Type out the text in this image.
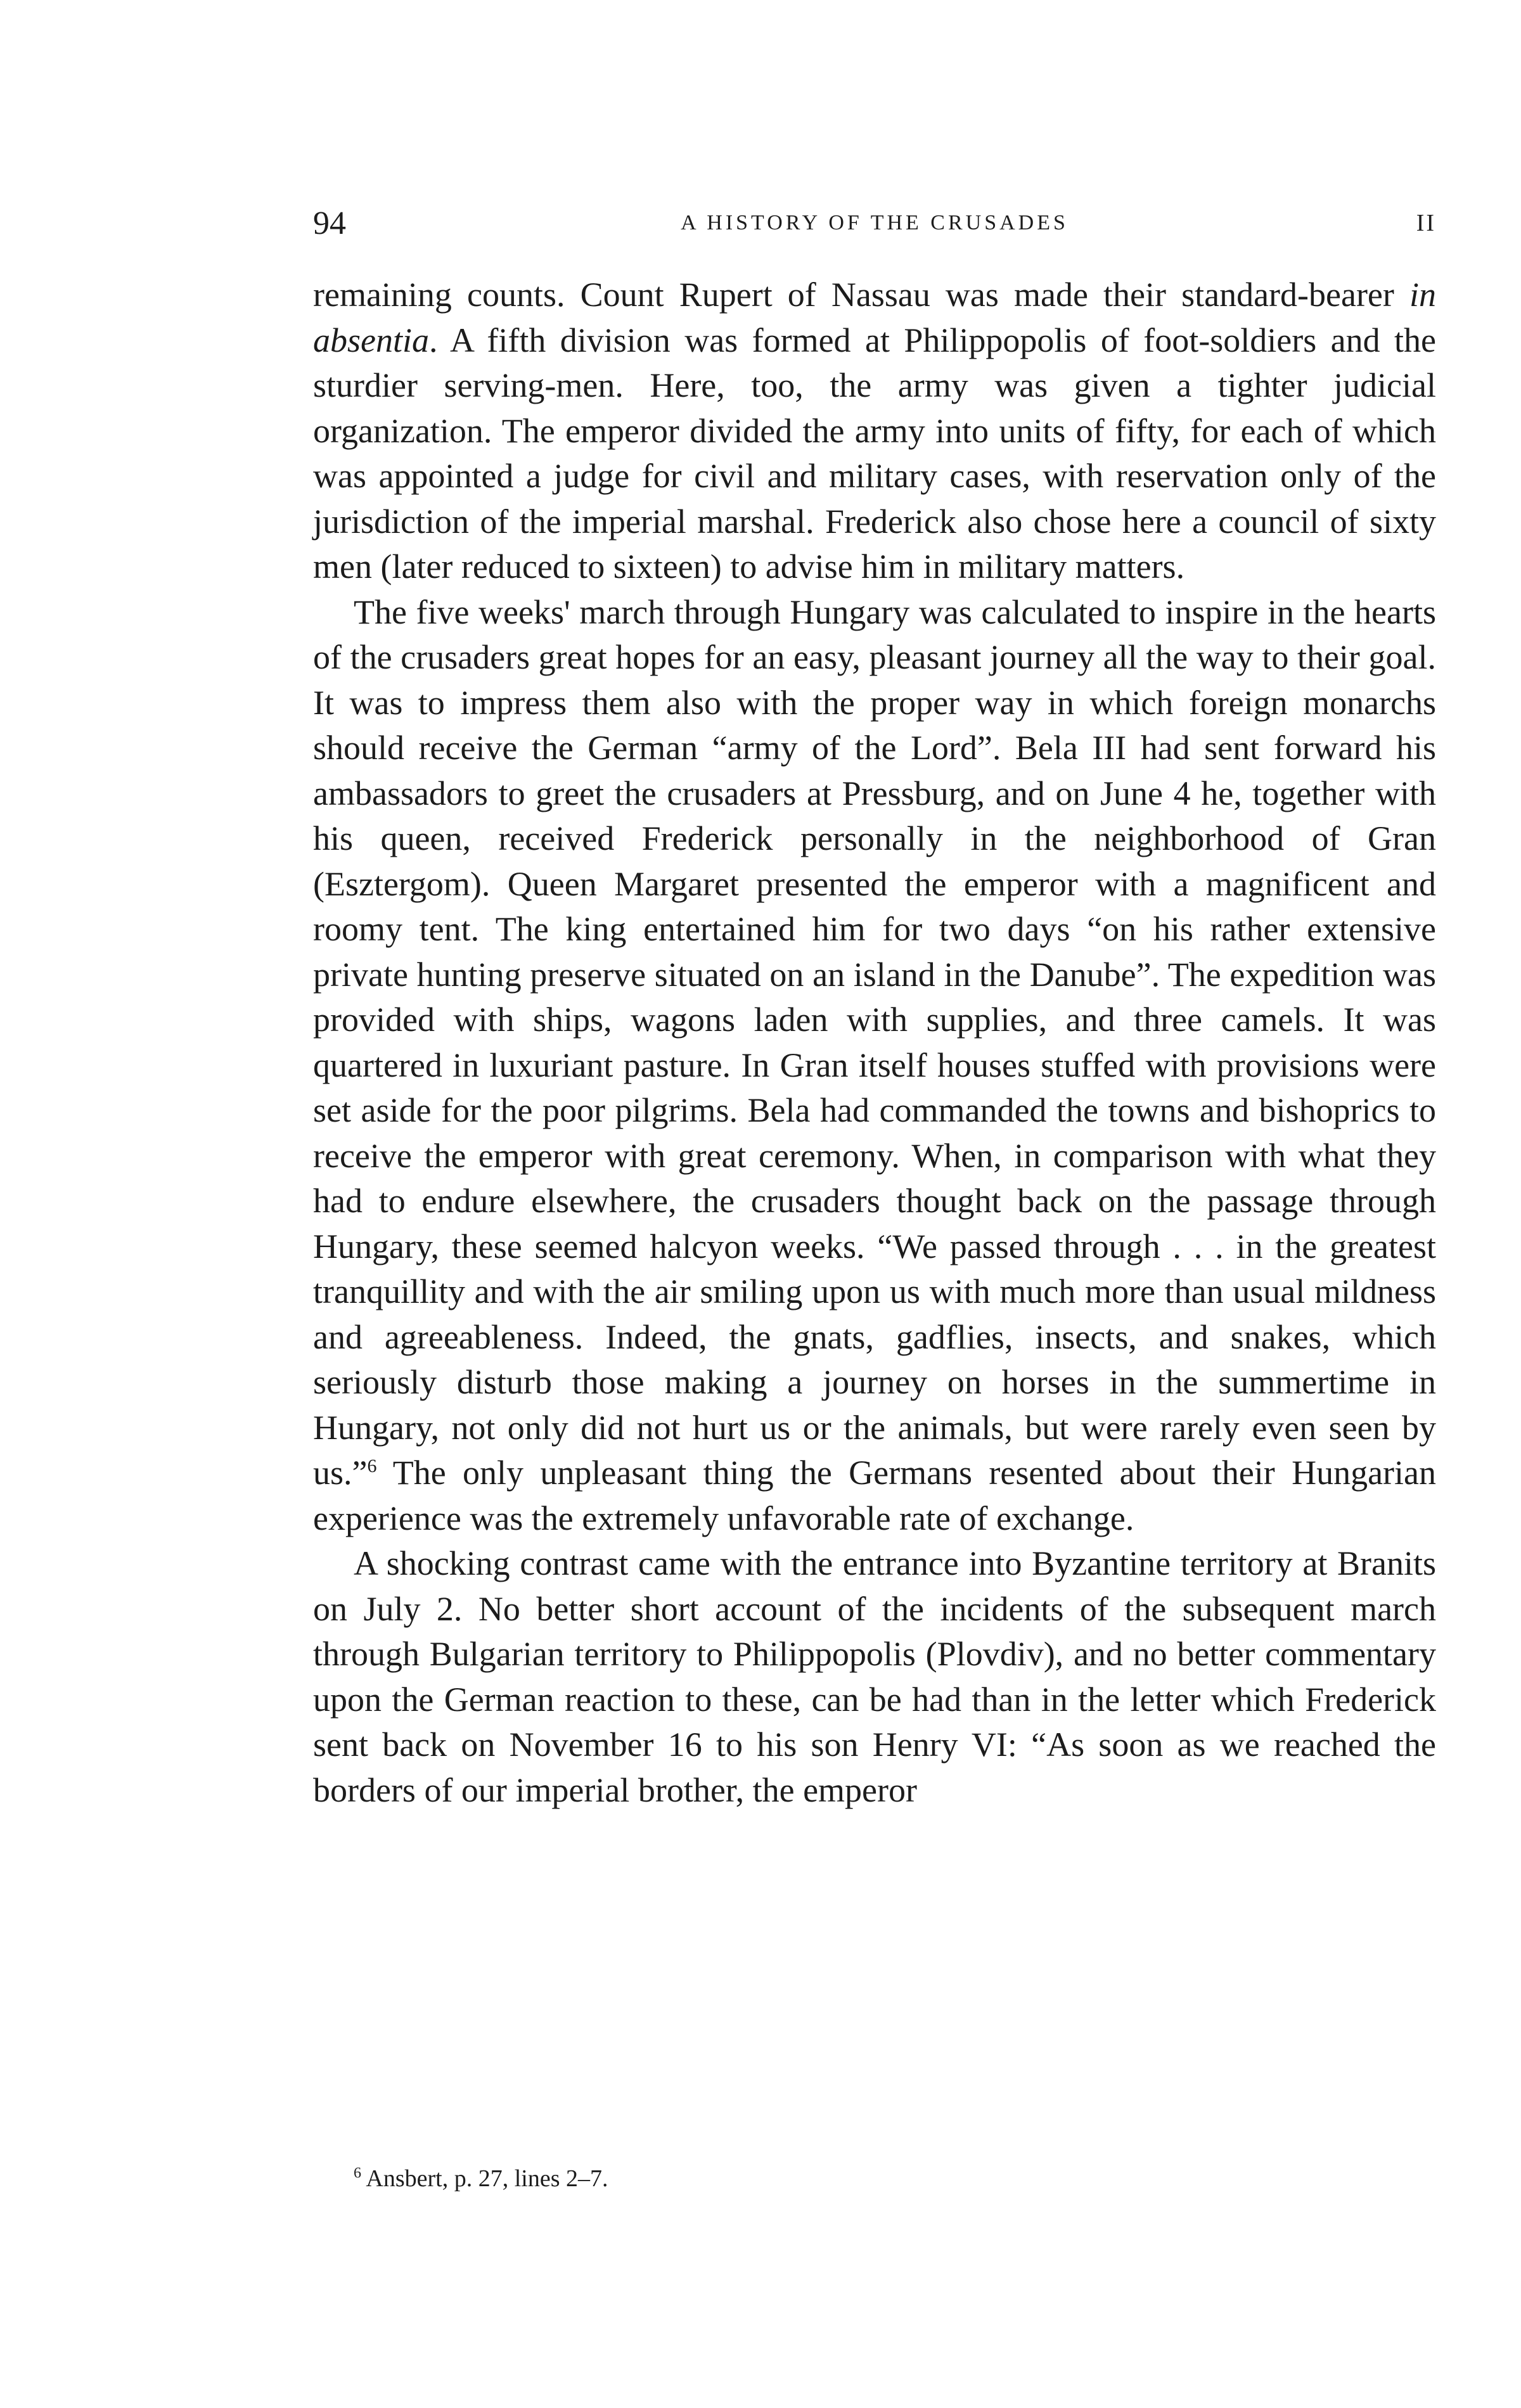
94	A HISTORY OF THE CRUSADES	II

remaining counts. Count Rupert of Nassau was made their standard-bearer in absentia. A fifth division was formed at Philippopolis of foot-soldiers and the sturdier serving-men. Here, too, the army was given a tighter judicial organization. The emperor divided the army into units of fifty, for each of which was appointed a judge for civil and military cases, with reservation only of the jurisdiction of the imperial marshal. Frederick also chose here a council of sixty men (later reduced to sixteen) to advise him in military matters.

The five weeks' march through Hungary was calculated to inspire in the hearts of the crusaders great hopes for an easy, pleasant journey all the way to their goal. It was to impress them also with the proper way in which foreign monarchs should receive the German “army of the Lord”. Bela III had sent forward his ambassadors to greet the crusaders at Pressburg, and on June 4 he, together with his queen, received Frederick personally in the neighborhood of Gran (Esztergom). Queen Margaret presented the emperor with a magnificent and roomy tent. The king entertained him for two days “on his rather extensive private hunting preserve situated on an island in the Danube”. The expedition was provided with ships, wagons laden with supplies, and three camels. It was quartered in luxuriant pasture. In Gran itself houses stuffed with provisions were set aside for the poor pilgrims. Bela had commanded the towns and bishoprics to receive the emperor with great ceremony. When, in comparison with what they had to endure elsewhere, the crusaders thought back on the passage through Hungary, these seemed halcyon weeks. “We passed through . . . in the greatest tranquillity and with the air smiling upon us with much more than usual mildness and agreeableness. Indeed, the gnats, gadflies, insects, and snakes, which seriously disturb those making a journey on horses in the summertime in Hungary, not only did not hurt us or the animals, but were rarely even seen by us.”$^6$ The only unpleasant thing the Germans resented about their Hungarian experience was the extremely unfavorable rate of exchange.

A shocking contrast came with the entrance into Byzantine territory at Branits on July 2. No better short account of the incidents of the subsequent march through Bulgarian territory to Philippopolis (Plovdiv), and no better commentary upon the German reaction to these, can be had than in the letter which Frederick sent back on November 16 to his son Henry VI: “As soon as we reached the borders of our imperial brother, the emperor

$^6$ Ansbert, p. 27, lines 2–7.
